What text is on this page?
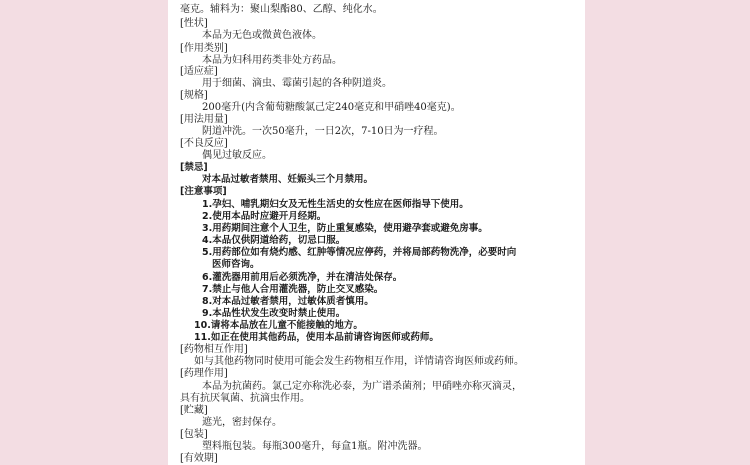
毫克。辅料为：聚山梨酯80、乙醇、纯化水。
[性状]
本品为无色或微黄色液体。
[作用类别]
本品为妇科用药类非处方药品。
[适应症]
用于细菌、滴虫、霉菌引起的各种阴道炎。
[规格]
200毫升(内含葡萄糖酸氯己定240毫克和甲硝唑40毫克)。
[用法用量]
阴道冲洗。一次50毫升，一日2次，7-10日为一疗程。
[不良反应]
偶见过敏反应。
[禁忌]
对本品过敏者禁用、妊娠头三个月禁用。
[注意事项]
1.孕妇、哺乳期妇女及无性生活史的女性应在医师指导下使用。
2.使用本品时应避开月经期。
3.用药期间注意个人卫生，防止重复感染，使用避孕套或避免房事。
4.本品仅供阴道给药，切忌口服。
5.用药部位如有烧灼感、红肿等情况应停药，并将局部药物洗净，必要时向
医师咨询。
6.灌洗器用前用后必须洗净，并在清洁处保存。
7.禁止与他人合用灌洗器，防止交叉感染。
8.对本品过敏者禁用，过敏体质者慎用。
9.本品性状发生改变时禁止使用。
10.请将本品放在儿童不能接触的地方。
11.如正在使用其他药品，使用本品前请咨询医师或药师。
[药物相互作用]
如与其他药物同时使用可能会发生药物相互作用，详情请咨询医师或药师。
[药理作用]
本品为抗菌药。氯己定亦称洗必泰，为广谱杀菌剂；甲硝唑亦称灭滴灵，
具有抗厌氧菌、抗滴虫作用。
[贮藏]
遮光，密封保存。
[包装]
塑料瓶包装。每瓶300毫升，每盒1瓶。附冲洗器。
[有效期]
